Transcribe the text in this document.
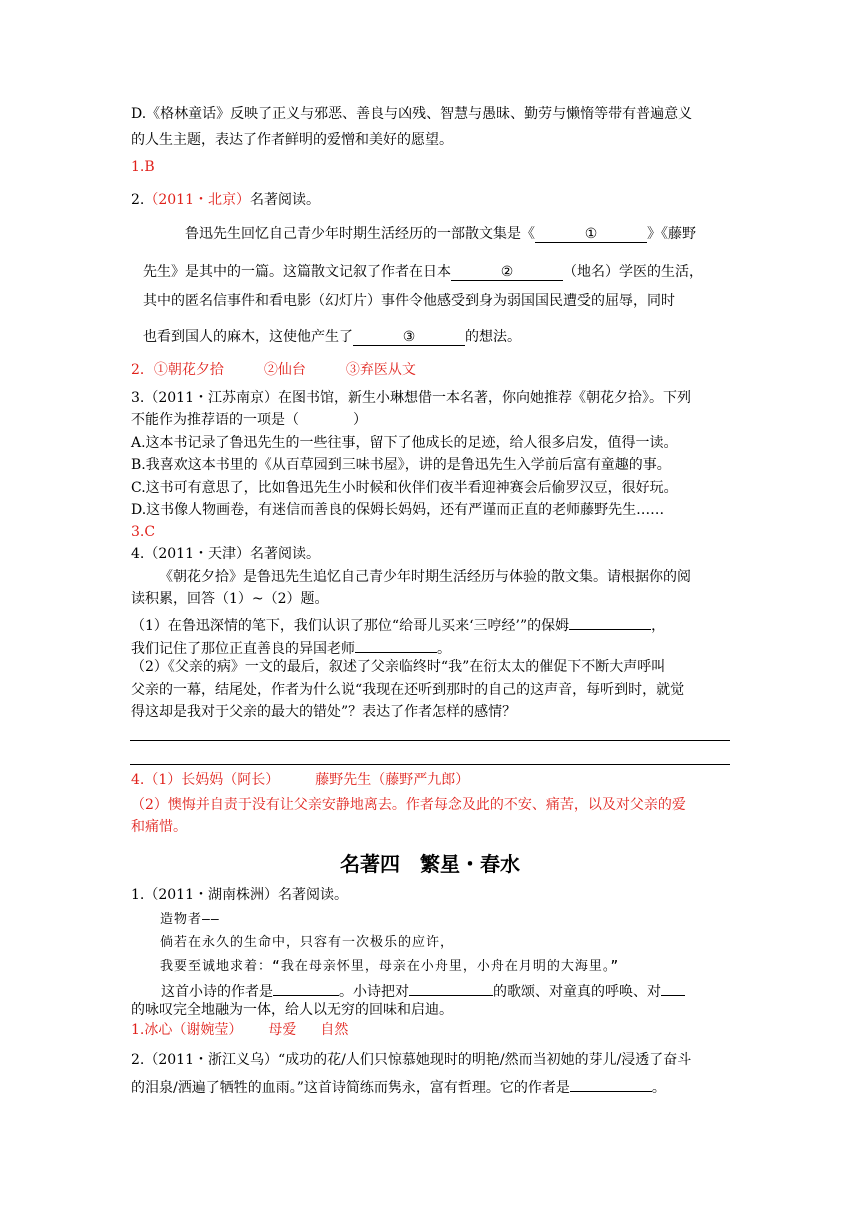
D.《格林童话》反映了正义与邪恶、善良与凶残、智慧与愚昧、勤劳与懒惰等带有普遍意义
的人生主题，表达了作者鲜明的爱憎和美好的愿望。
1.B
2.（2011・北京）名著阅读。
鲁迅先生回忆自己青少年时期生活经历的一部散文集是《	①	》《藤野
先生》是其中的一篇。这篇散文记叙了作者在日本	②	（地名）学医的生活，
其中的匿名信事件和看电影（幻灯片）事件令他感受到身为弱国国民遭受的屈辱，同时
也看到国人的麻木，这使他产生了	③	的想法。
2．①朝花夕拾	②仙台	③弃医从文
3.（2011・江苏南京）在图书馆，新生小琳想借一本名著，你向她推荐《朝花夕拾》。下列
不能作为推荐语的一项是（	）
A.这本书记录了鲁迅先生的一些往事，留下了他成长的足迹，给人很多启发，值得一读。
B.我喜欢这本书里的《从百草园到三味书屋》，讲的是鲁迅先生入学前后富有童趣的事。
C.这书可有意思了，比如鲁迅先生小时候和伙伴们夜半看迎神赛会后偷罗汉豆，很好玩。
D.这书像人物画卷，有迷信而善良的保姆长妈妈，还有严谨而正直的老师藤野先生……
3.C
4.（2011・天津）名著阅读。
《朝花夕拾》是鲁迅先生追忆自己青少年时期生活经历与体验的散文集。请根据你的阅
读积累，回答（1）~（2）题。
（1）在鲁迅深情的笔下，我们认识了那位“给哥儿买来‘三哼经’”的保姆	，
我们记住了那位正直善良的异国老师	。
（2）《父亲的病》一文的最后，叙述了父亲临终时“我”在衍太太的催促下不断大声呼叫
父亲的一幕，结尾处，作者为什么说“我现在还听到那时的自己的这声音，每听到时，就觉
得这却是我对于父亲的最大的错处”？表达了作者怎样的感情？
4.（1）长妈妈（阿长）	藤野先生（藤野严九郎）
（2）懊悔并自责于没有让父亲安静地离去。作者每念及此的不安、痛苦，以及对父亲的爱
和痛惜。
名著四　繁星・春水
1.（2011・湖南株洲）名著阅读。
造物者——
倘若在永久的生命中，只容有一次极乐的应许，
我要至诚地求着：“我在母亲怀里，母亲在小舟里，小舟在月明的大海里。”
这首小诗的作者是	。小诗把对	的歌颂、对童真的呼唤、对
的咏叹完全地融为一体，给人以无穷的回味和启迪。
1.冰心（谢婉莹） 母爱 自然
2.（2011・浙江义乌）“成功的花/人们只惊慕她现时的明艳/然而当初她的芽儿/浸透了奋斗
的泪泉/洒遍了牺牲的血雨。”这首诗简练而隽永，富有哲理。它的作者是	。
